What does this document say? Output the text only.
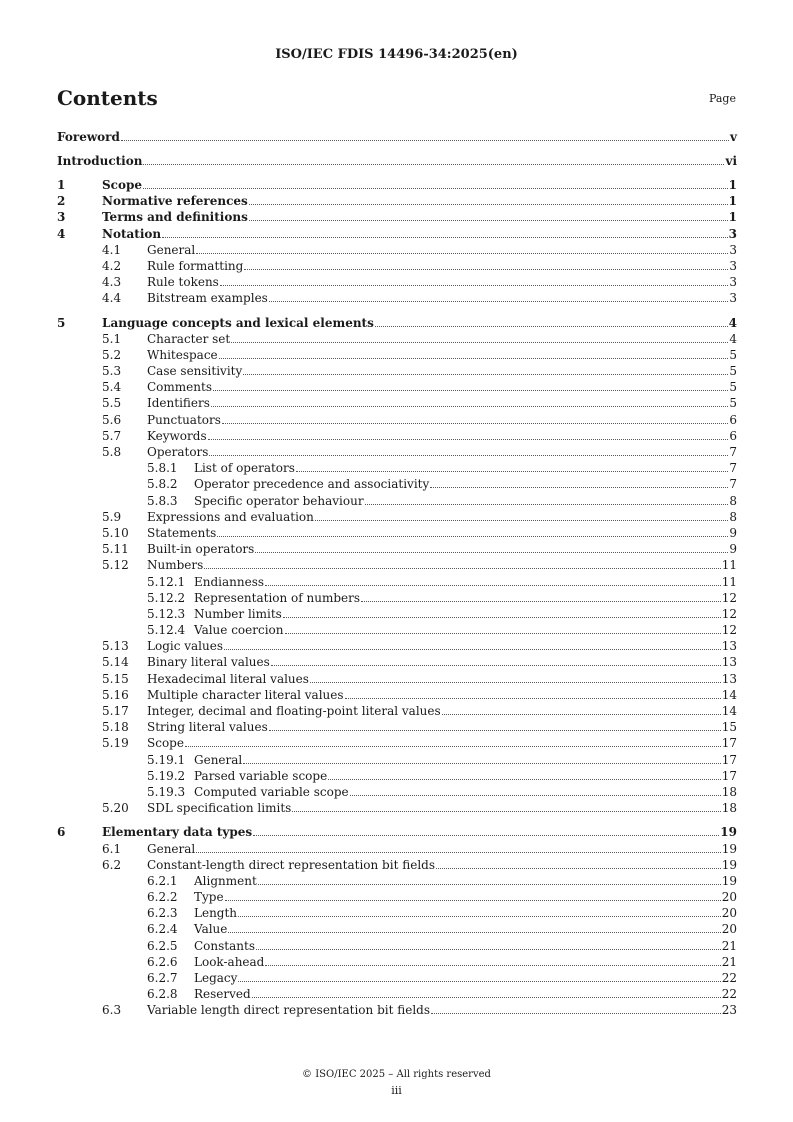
ISO/IEC FDIS 14496-34:2025(en)
Contents	Page
Foreword	v
Introduction	vi
1	Scope	1
2	Normative references	1
3	Terms and definitions	1
4	Notation	3
4.1	General	3
4.2	Rule formatting	3
4.3	Rule tokens	3
4.4	Bitstream examples	3
5	Language concepts and lexical elements	4
5.1	Character set	4
5.2	Whitespace	5
5.3	Case sensitivity	5
5.4	Comments	5
5.5	Identifiers	5
5.6	Punctuators	6
5.7	Keywords	6
5.8	Operators	7
5.8.1	List of operators	7
5.8.2	Operator precedence and associativity	7
5.8.3	Specific operator behaviour	8
5.9	Expressions and evaluation	8
5.10	Statements	9
5.11	Built-in operators	9
5.12	Numbers	11
5.12.1 Endianness	11
5.12.2 Representation of numbers	12
5.12.3 Number limits	12
5.12.4 Value coercion	12
5.13	Logic values	13
5.14	Binary literal values	13
5.15	Hexadecimal literal values	13
5.16	Multiple character literal values	14
5.17	Integer, decimal and floating-point literal values	14
5.18	String literal values	15
5.19	Scope	17
5.19.1 General	17
5.19.2 Parsed variable scope	17
5.19.3 Computed variable scope	18
5.20	SDL specification limits	18
6	Elementary data types	19
6.1	General	19
6.2	Constant-length direct representation bit fields	19
6.2.1	Alignment	19
6.2.2	Type	20
6.2.3	Length	20
6.2.4	Value	20
6.2.5	Constants	21
6.2.6	Look-ahead	21
6.2.7	Legacy	22
6.2.8	Reserved	22
6.3	Variable length direct representation bit fields	23
© ISO/IEC 2025 – All rights reserved
iii
